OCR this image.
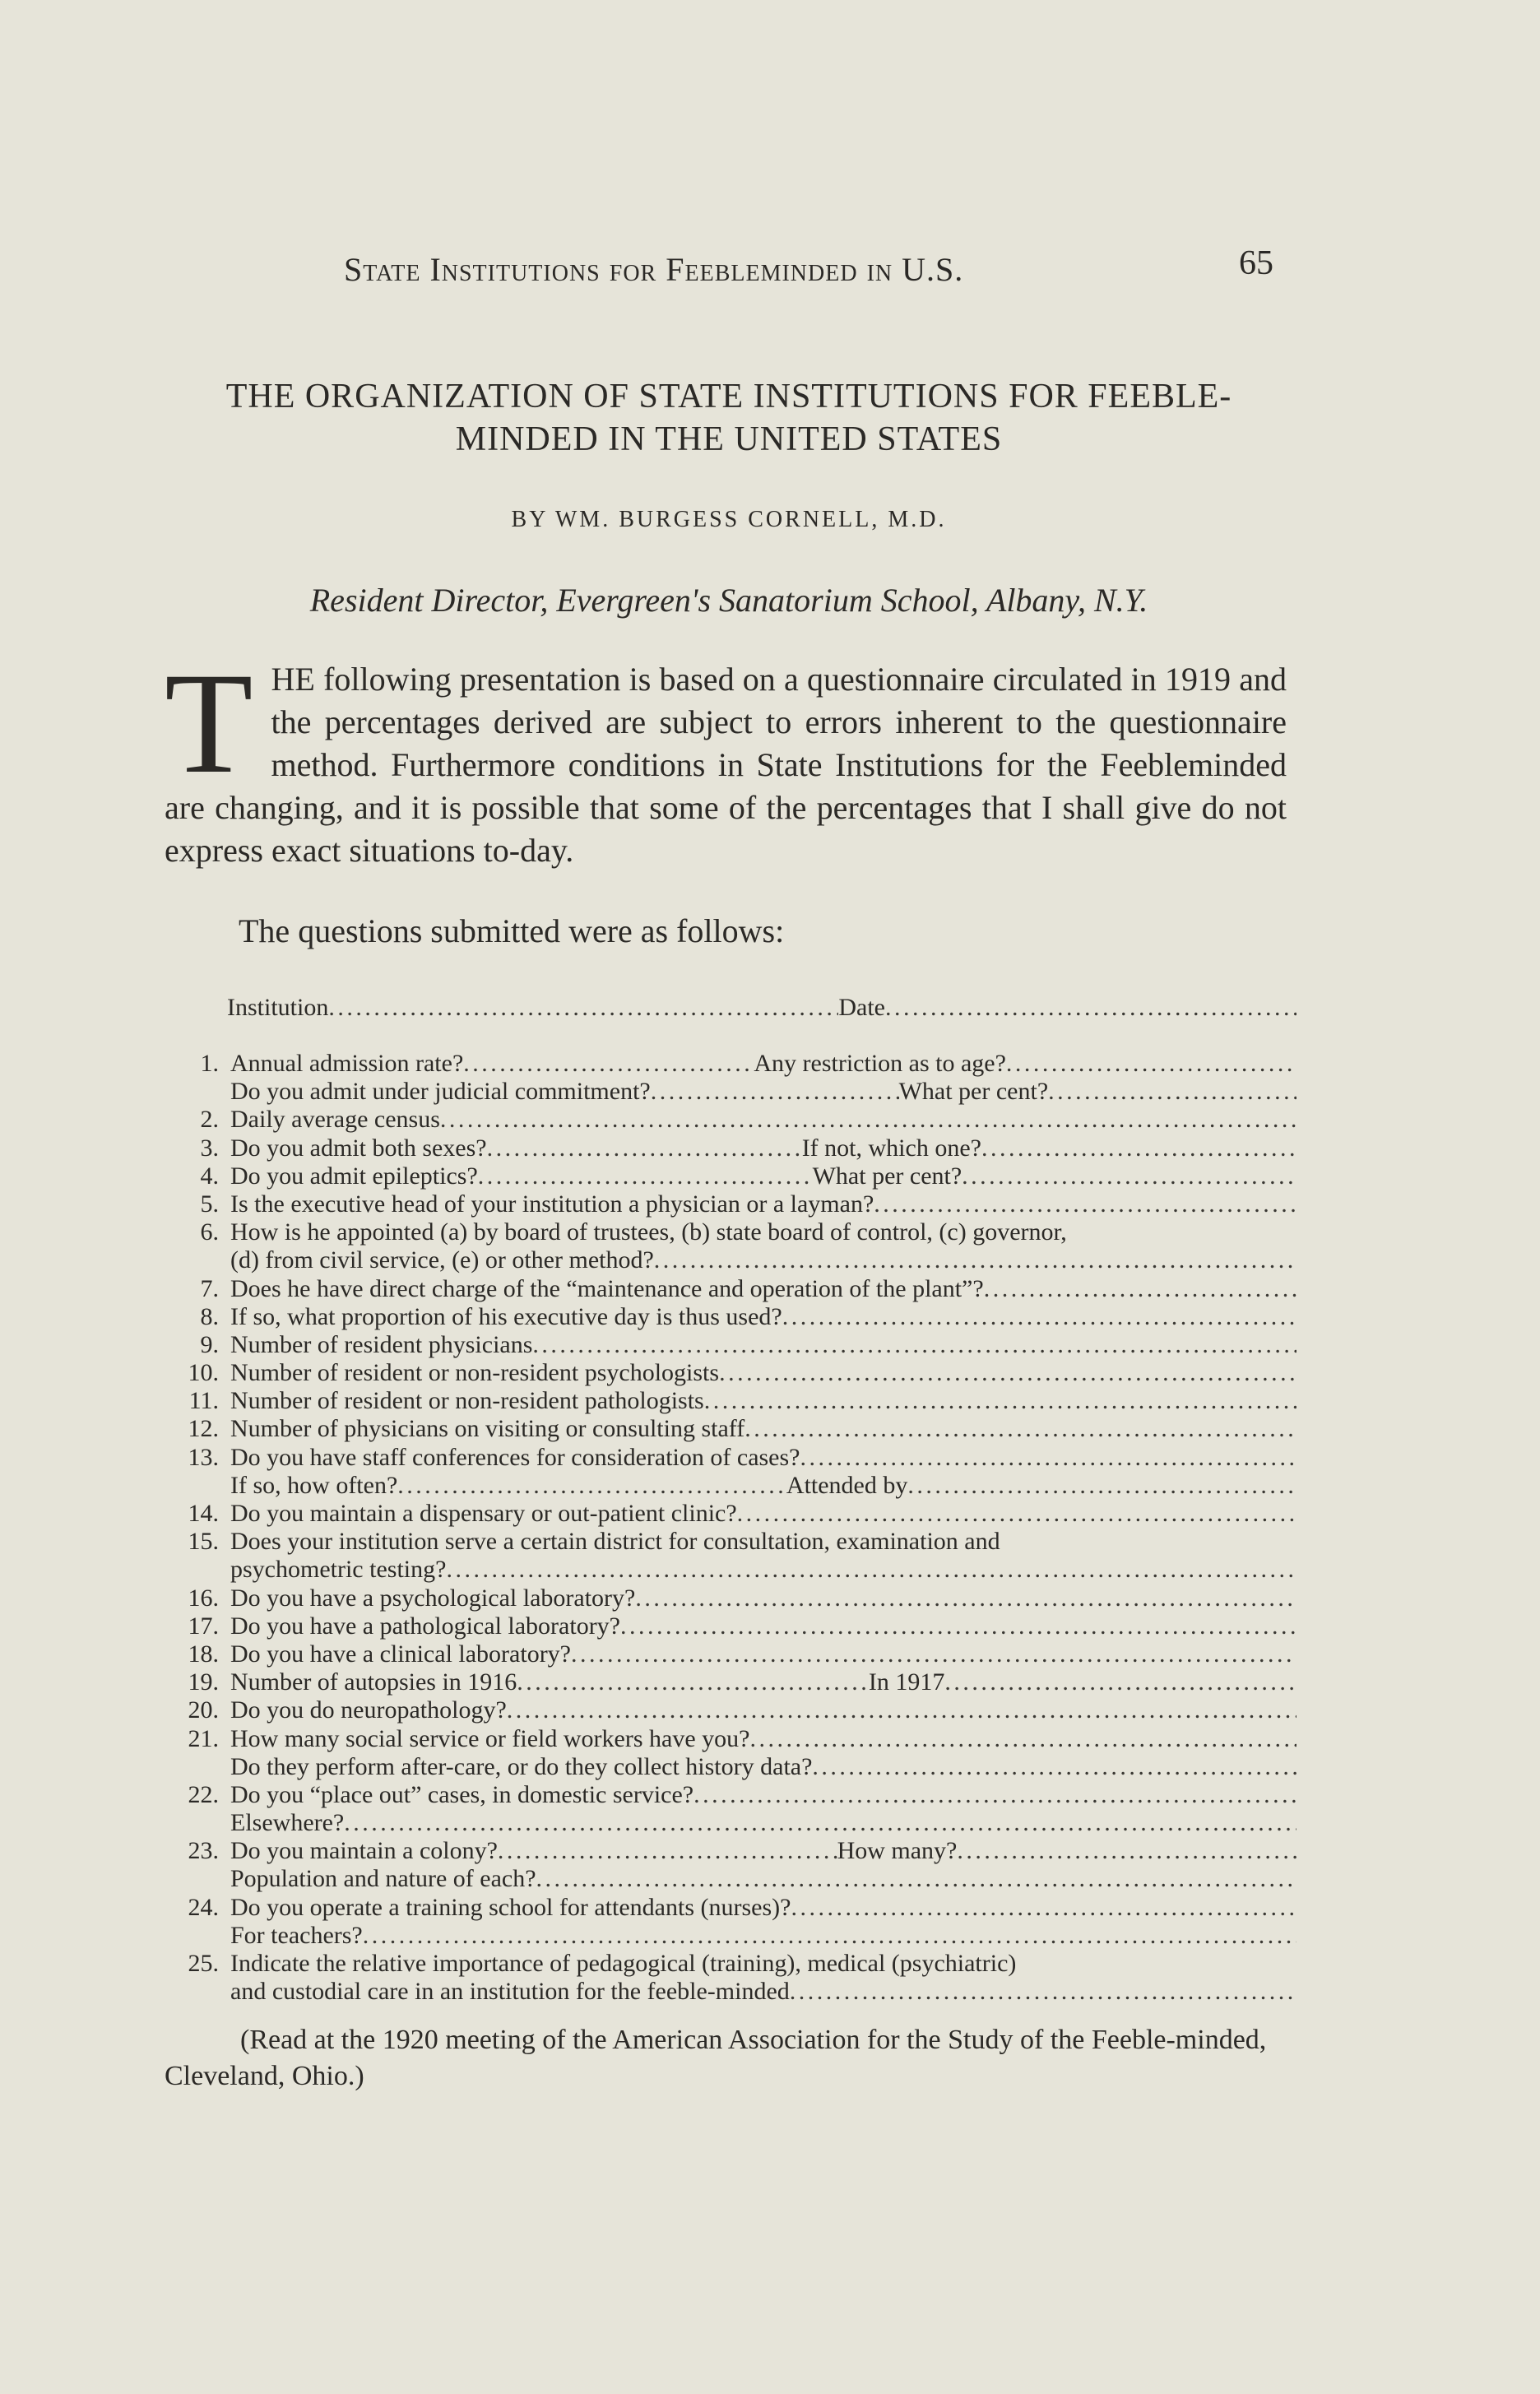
State Institutions for Feebleminded in U.S.	65
THE ORGANIZATION OF STATE INSTITUTIONS FOR FEEBLE-
MINDED IN THE UNITED STATES
BY WM. BURGESS CORNELL, M.D.
Resident Director, Evergreen's Sanatorium School, Albany, N.Y.
T HE following presentation is based on a questionnaire circulated in 1919 and the percentages derived are subject to errors inherent to the questionnaire method. Furthermore conditions in State Institutions for the Feebleminded are changing, and it is possible that some of the percentages that I shall give do not express exact situations to-day.
The questions submitted were as follows:
Institution . . .	Date
. . .
1. Annual admission rate? . . .	Any restriction as to age?
. . .
Do you admit under judicial commitment? . . .	What per cent?
. . .
2. Daily average census
. . .
3. Do you admit both sexes? . . .	If not, which one?
. . .
4. Do you admit epileptics? . . .	What per cent?
. . .
5. Is the executive head of your institution a physician or a layman?
. . .
6. How is he appointed (a) by board of trustees, (b) state board of control, (c) governor,
(d) from civil service, (e) or other method?
. . .
7. Does he have direct charge of the “maintenance and operation of the plant”?
. . .
8. If so, what proportion of his executive day is thus used?
. . .
9. Number of resident physicians
. . .
10. Number of resident or non-resident psychologists
. . .
11. Number of resident or non-resident pathologists
. . .
12. Number of physicians on visiting or consulting staff
. . .
13. Do you have staff conferences for consideration of cases?
. . .
If so, how often? . . .	Attended by
. . .
14. Do you maintain a dispensary or out-patient clinic?
. . .
15. Does your institution serve a certain district for consultation, examination and
psychometric testing?
. . .
16. Do you have a psychological laboratory?
. . .
17. Do you have a pathological laboratory?
. . .
18. Do you have a clinical laboratory?
. . .
19. Number of autopsies in 1916 . . .	In 1917
. . .
20. Do you do neuropathology?
. . .
21. How many social service or field workers have you?
. . .
Do they perform after-care, or do they collect history data?
. . .
22. Do you “place out” cases, in domestic service?
. . .
Elsewhere?
. . .
23. Do you maintain a colony? . . .	How many?
. . .
Population and nature of each?
. . .
24. Do you operate a training school for attendants (nurses)?
. . .
For teachers?
. . .
25. Indicate the relative importance of pedagogical (training), medical (psychiatric)
and custodial care in an institution for the feeble-minded
. . .
(Read at the 1920 meeting of the American Association for the Study of the Feeble-minded, Cleveland, Ohio.)
